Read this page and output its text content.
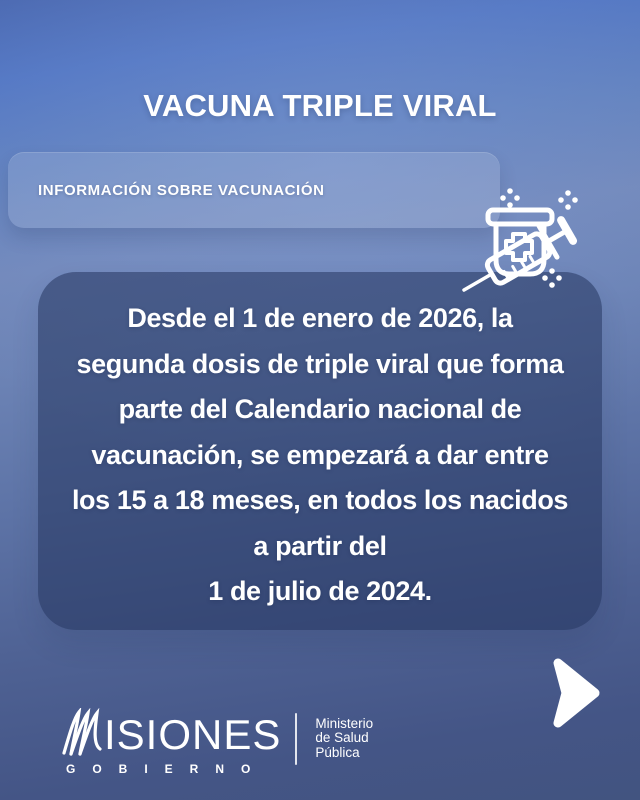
VACUNA TRIPLE VIRAL
INFORMACIÓN SOBRE VACUNACIÓN
Desde el 1 de enero de 2026, la
segunda dosis de triple viral que forma
parte del Calendario nacional de
vacunación, se empezará a dar entre
los 15 a 18 meses, en todos los nacidos
a partir del
1 de julio de 2024.
ISIONES
GOBIERNO
Ministerio
de Salud
Pública
